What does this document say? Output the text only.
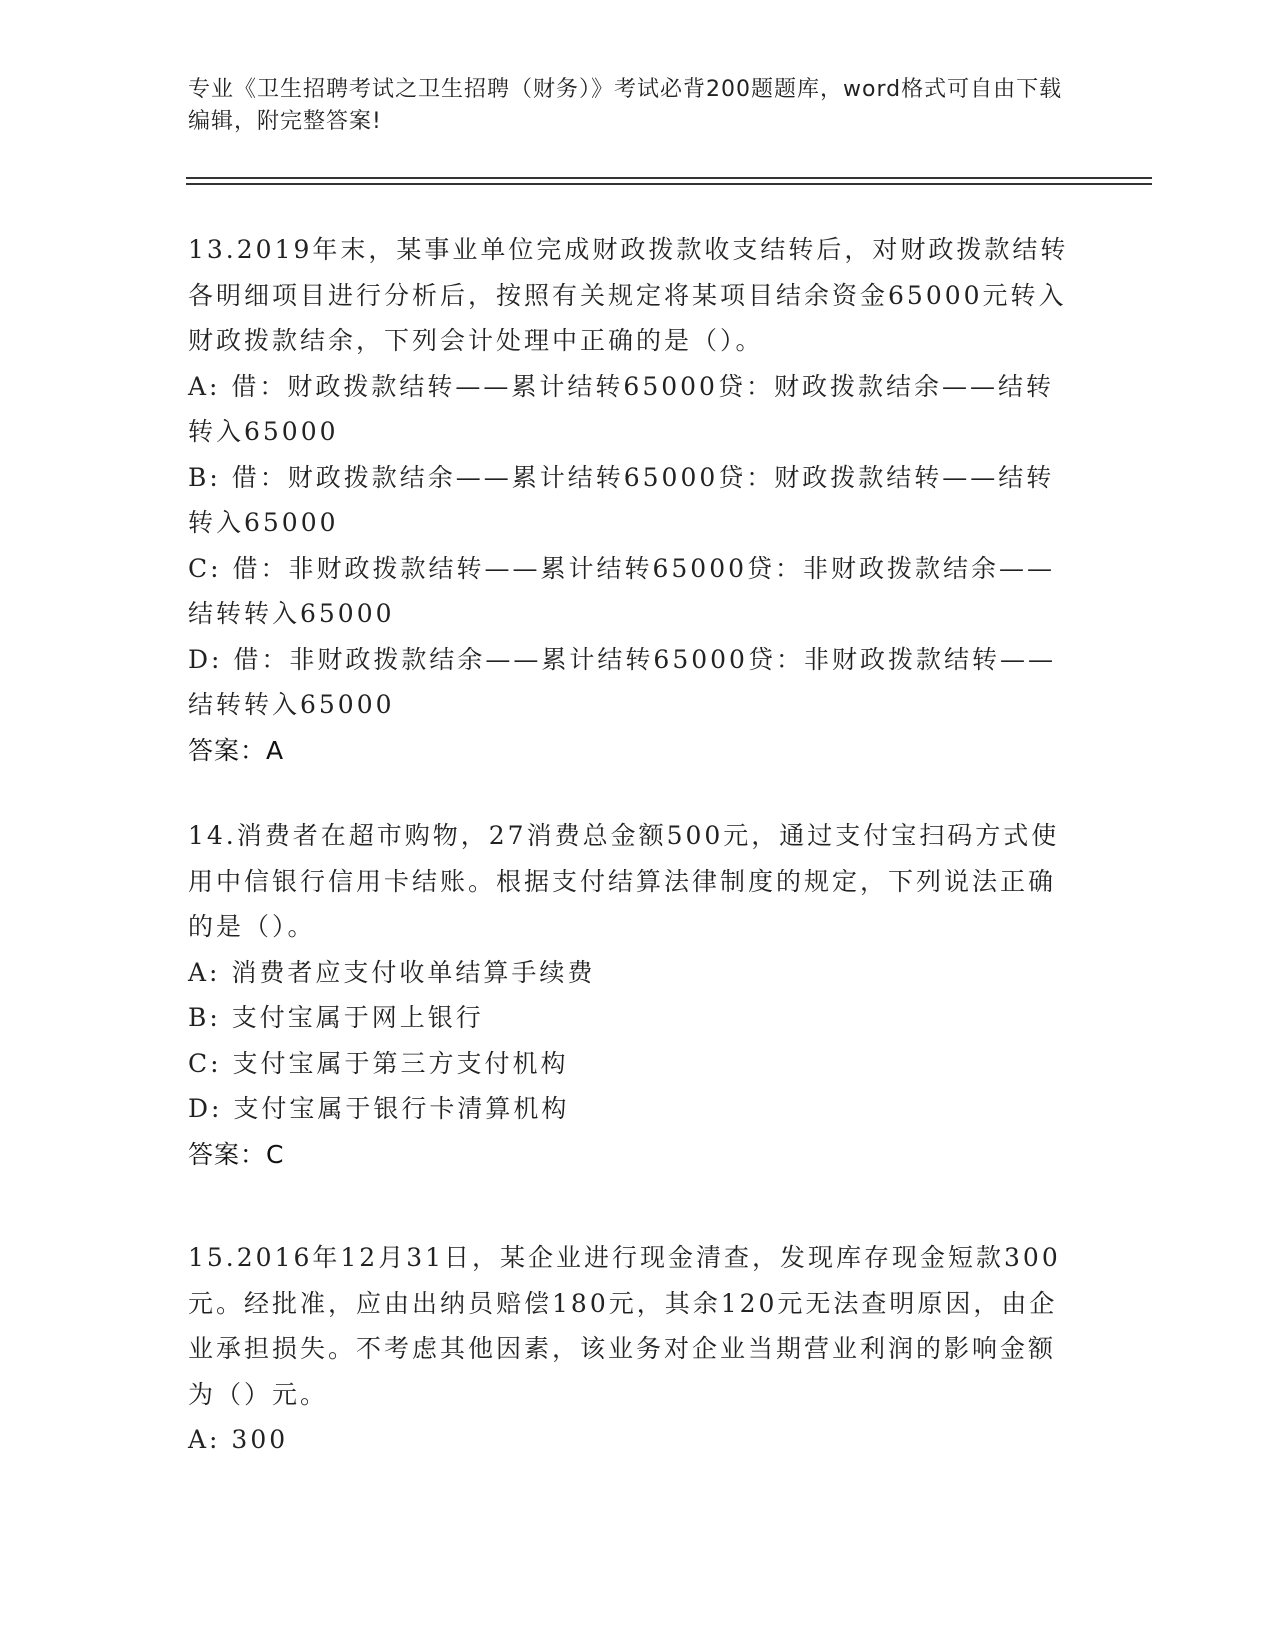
专业《卫生招聘考试之卫生招聘（财务）》考试必背200题题库，word格式可自由下载编辑，附完整答案!
13.2019年末，某事业单位完成财政拨款收支结转后，对财政拨款结转各明细项目进行分析后，按照有关规定将某项目结余资金65000元转入财政拨款结余，下列会计处理中正确的是（）。
A: 借：财政拨款结转——累计结转65000贷：财政拨款结余——结转转入65000
B: 借：财政拨款结余——累计结转65000贷：财政拨款结转——结转转入65000
C: 借：非财政拨款结转——累计结转65000贷：非财政拨款结余——结转转入65000
D: 借：非财政拨款结余——累计结转65000贷：非财政拨款结转——结转转入65000
答案：A
14.消费者在超市购物，27消费总金额500元，通过支付宝扫码方式使用中信银行信用卡结账。根据支付结算法律制度的规定，下列说法正确的是（）。
A: 消费者应支付收单结算手续费
B: 支付宝属于网上银行
C: 支付宝属于第三方支付机构
D: 支付宝属于银行卡清算机构
答案：C
15.2016年12月31日，某企业进行现金清查，发现库存现金短款300元。经批准，应由出纳员赔偿180元，其余120元无法查明原因，由企业承担损失。不考虑其他因素，该业务对企业当期营业利润的影响金额为（）元。
A: 300
